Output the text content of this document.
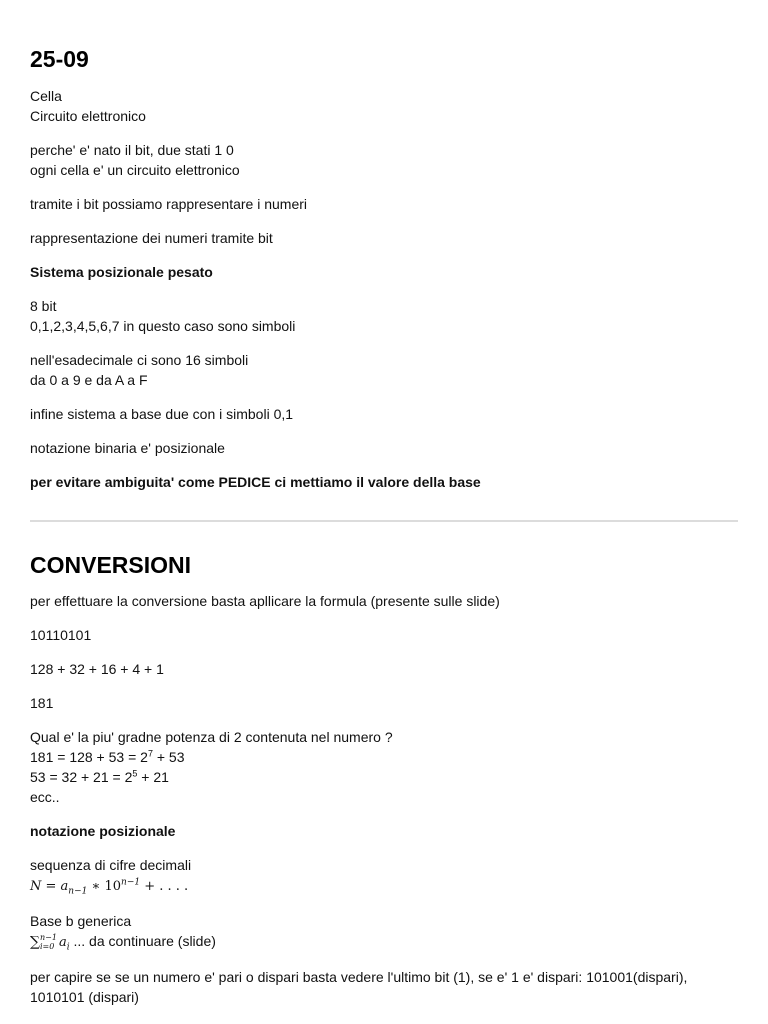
25-09

Cella
Circuito elettronico

perche' e' nato il bit, due stati 1 0
ogni cella e' un circuito elettronico

tramite i bit possiamo rappresentare i numeri

rappresentazione dei numeri tramite bit

Sistema posizionale pesato

8 bit
0,1,2,3,4,5,6,7 in questo caso sono simboli

nell'esadecimale ci sono 16 simboli
da 0 a 9 e da A a F

infine sistema a base due con i simboli 0,1

notazione binaria e' posizionale

per evitare ambiguita' come PEDICE ci mettiamo il valore della base

CONVERSIONI

per effettuare la conversione basta apllicare la formula (presente sulle slide)

10110101

128 + 32 + 16 + 4 + 1

181

Qual e' la piu' gradne potenza di 2 contenuta nel numero ?
$181 = 128 + 53 = 2^7 + 53$
$53 = 32 + 21 = 2^5 + 21$
ecc..

notazione posizionale

sequenza di cifre decimali
$N = a_{n-1}$ ∗ $10^{n-1}$ + . . . .

Base b generica
∑n−1
i=0 $a_i$ ... da continuare (slide)

per capire se se un numero e' pari o dispari basta vedere l'ultimo bit (1), se e' 1 e' dispari: 101001(dispari), 1010101 (dispari)
